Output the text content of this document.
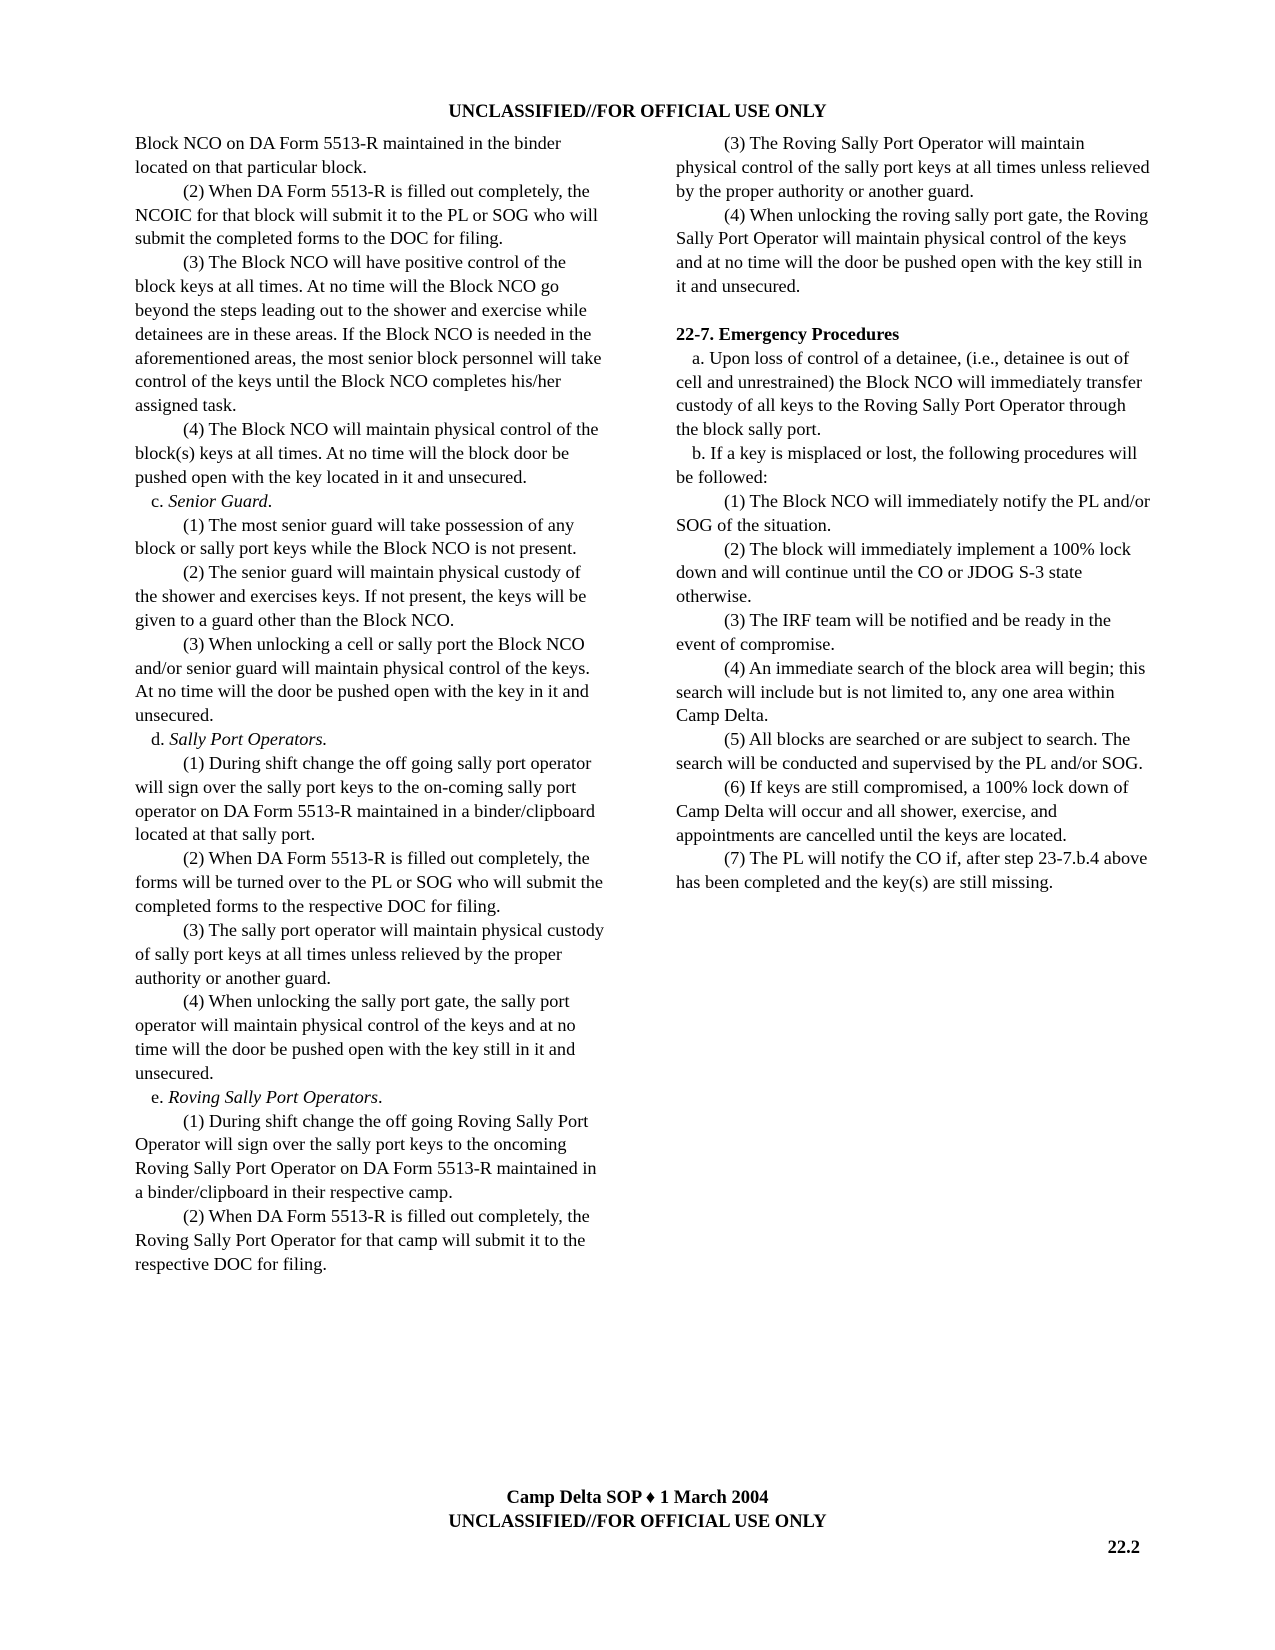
UNCLASSIFIED//FOR OFFICIAL USE ONLY

Block NCO on DA Form 5513-R maintained in the binder located on that particular block.

(2) When DA Form 5513-R is filled out completely, the NCOIC for that block will submit it to the PL or SOG who will submit the completed forms to the DOC for filing.

(3) The Block NCO will have positive control of the block keys at all times. At no time will the Block NCO go beyond the steps leading out to the shower and exercise while detainees are in these areas. If the Block NCO is needed in the aforementioned areas, the most senior block personnel will take control of the keys until the Block NCO completes his/her assigned task.

(4) The Block NCO will maintain physical control of the block(s) keys at all times. At no time will the block door be pushed open with the key located in it and unsecured.

c. Senior Guard.

(1) The most senior guard will take possession of any block or sally port keys while the Block NCO is not present.

(2) The senior guard will maintain physical custody of the shower and exercises keys. If not present, the keys will be given to a guard other than the Block NCO.

(3) When unlocking a cell or sally port the Block NCO and/or senior guard will maintain physical control of the keys. At no time will the door be pushed open with the key in it and unsecured.

d. Sally Port Operators.

(1) During shift change the off going sally port operator will sign over the sally port keys to the on-coming sally port operator on DA Form 5513-R maintained in a binder/clipboard located at that sally port.

(2) When DA Form 5513-R is filled out completely, the forms will be turned over to the PL or SOG who will submit the completed forms to the respective DOC for filing.

(3) The sally port operator will maintain physical custody of sally port keys at all times unless relieved by the proper authority or another guard.

(4) When unlocking the sally port gate, the sally port operator will maintain physical control of the keys and at no time will the door be pushed open with the key still in it and unsecured.

e. Roving Sally Port Operators.

(1) During shift change the off going Roving Sally Port Operator will sign over the sally port keys to the oncoming Roving Sally Port Operator on DA Form 5513-R maintained in a binder/clipboard in their respective camp.

(2) When DA Form 5513-R is filled out completely, the Roving Sally Port Operator for that camp will submit it to the respective DOC for filing.

(3) The Roving Sally Port Operator will maintain physical control of the sally port keys at all times unless relieved by the proper authority or another guard.

(4) When unlocking the roving sally port gate, the Roving Sally Port Operator will maintain physical control of the keys and at no time will the door be pushed open with the key still in it and unsecured.

22-7. Emergency Procedures

a. Upon loss of control of a detainee, (i.e., detainee is out of cell and unrestrained) the Block NCO will immediately transfer custody of all keys to the Roving Sally Port Operator through the block sally port.

b. If a key is misplaced or lost, the following procedures will be followed:

(1) The Block NCO will immediately notify the PL and/or SOG of the situation.

(2) The block will immediately implement a 100% lock down and will continue until the CO or JDOG S-3 state otherwise.

(3) The IRF team will be notified and be ready in the event of compromise.

(4) An immediate search of the block area will begin; this search will include but is not limited to, any one area within Camp Delta.

(5) All blocks are searched or are subject to search. The search will be conducted and supervised by the PL and/or SOG.

(6) If keys are still compromised, a 100% lock down of Camp Delta will occur and all shower, exercise, and appointments are cancelled until the keys are located.

(7) The PL will notify the CO if, after step 23-7.b.4 above has been completed and the key(s) are still missing.

Camp Delta SOP ♦ 1 March 2004
UNCLASSIFIED//FOR OFFICIAL USE ONLY
22.2
